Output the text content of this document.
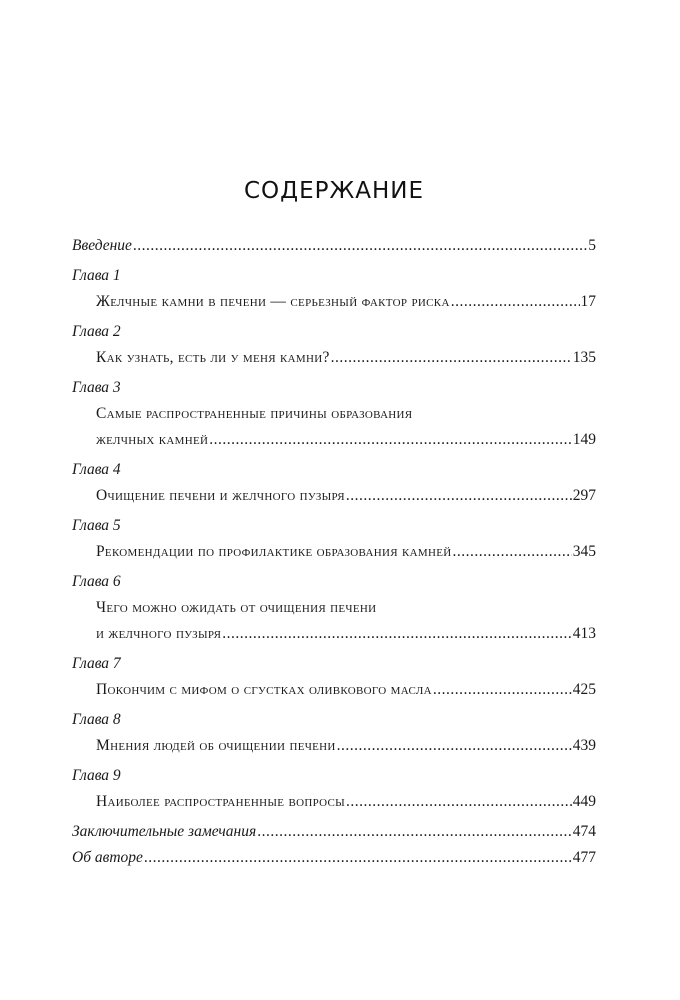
СОДЕРЖАНИЕ
Введение .....	5
Глава 1
Желчные камни в печени — серьезный фактор риска .....	17
Глава 2
Как узнать, есть ли у меня камни? .....	135
Глава 3
Самые распространенные причины образования
желчных камней .....	149
Глава 4
Очищение печени и желчного пузыря .....	297
Глава 5
Рекомендации по профилактике образования камней .....	345
Глава 6
Чего можно ожидать от очищения печени
и желчного пузыря .....	413
Глава 7
Покончим с мифом о сгустках оливкового масла .....	425
Глава 8
Мнения людей об очищении печени .....	439
Глава 9
Наиболее распространенные вопросы .....	449
Заключительные замечания .....	474
Об авторе .....	477
